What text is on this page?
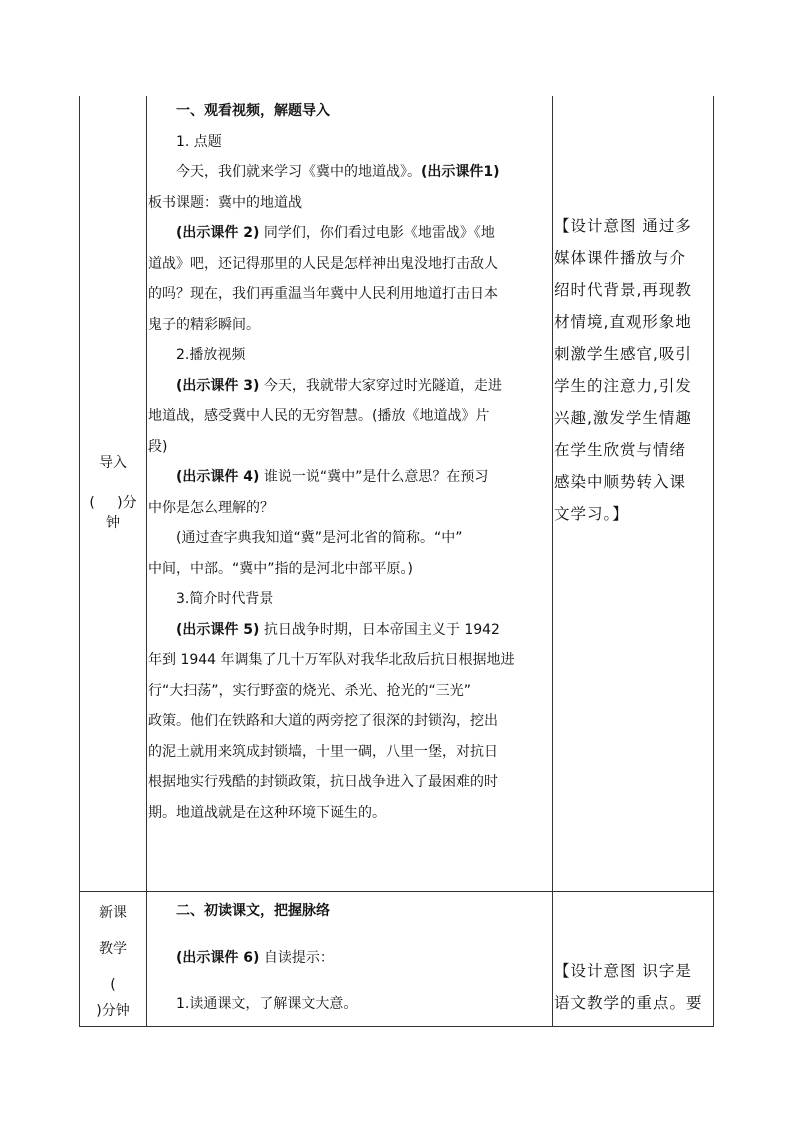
导入
( )分
钟

一、观看视频，解题导入

1. 点题

今天，我们就来学习《冀中的地道战》。(出示课件1)

板书课题：冀中的地道战

(出示课件 2) 同学们，你们看过电影《地雷战》《地

道战》吧，还记得那里的人民是怎样神出鬼没地打击敌人

的吗？现在，我们再重温当年冀中人民利用地道打击日本

鬼子的精彩瞬间。

2.播放视频

(出示课件 3) 今天，我就带大家穿过时光隧道，走进

地道战，感受冀中人民的无穷智慧。(播放《地道战》片

段)

(出示课件 4) 谁说一说“冀中”是什么意思？在预习

中你是怎么理解的？

(通过查字典我知道“冀”是河北省的简称。“中”

中间，中部。“冀中”指的是河北中部平原。)

3.简介时代背景

(出示课件 5) 抗日战争时期，日本帝国主义于 1942

年到 1944 年调集了几十万军队对我华北敌后抗日根据地进

行“大扫荡”，实行野蛮的烧光、杀光、抢光的“三光”

政策。他们在铁路和大道的两旁挖了很深的封锁沟，挖出

的泥土就用来筑成封锁墙，十里一碉，八里一堡，对抗日

根据地实行残酷的封锁政策，抗日战争进入了最困难的时

期。地道战就是在这种环境下诞生的。

【设计意图 通过多

媒体课件播放与介

绍时代背景,再现教

材情境,直观形象地

刺激学生感官,吸引

学生的注意力,引发

兴趣,激发学生情趣

在学生欣赏与情绪

感染中顺势转入课

文学习。】

新课
教学
(
)分钟

二、初读课文，把握脉络

(出示课件 6) 自读提示：

1.读通课文，了解课文大意。

【设计意图 识字是

语文教学的重点。要
